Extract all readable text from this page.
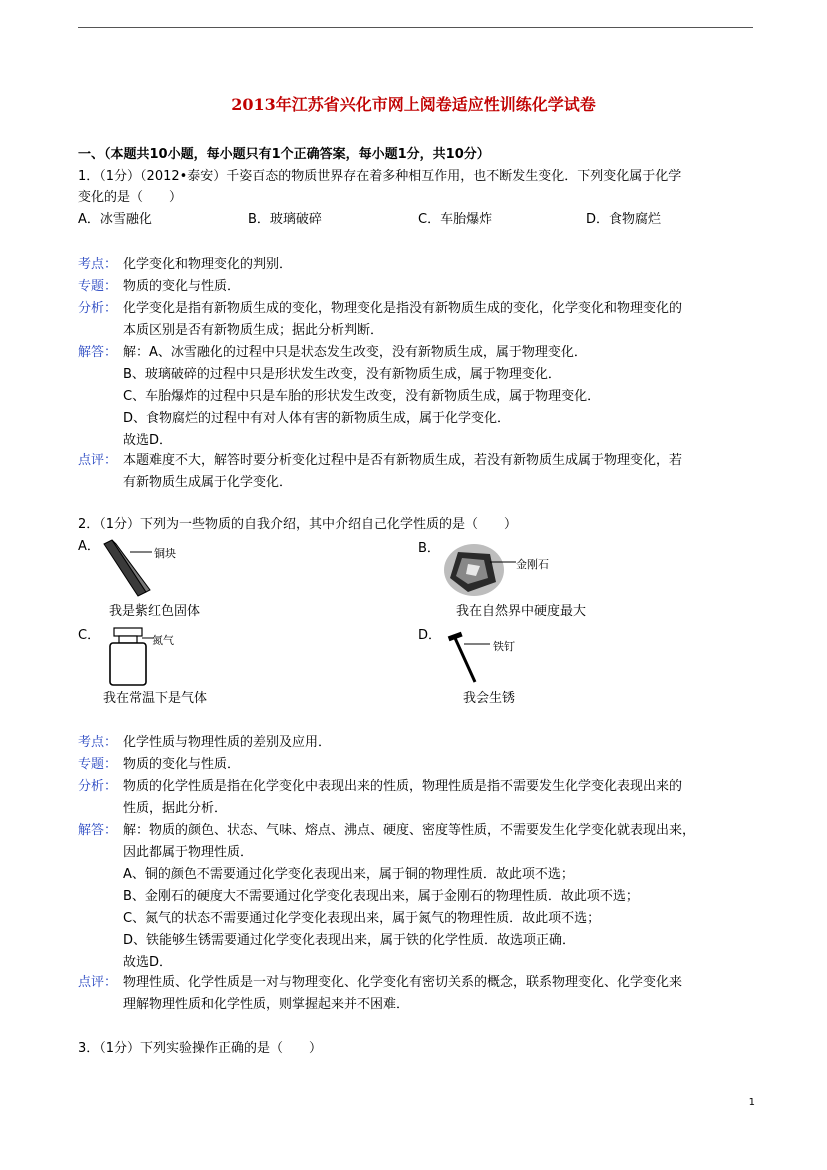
2013年江苏省兴化市网上阅卷适应性训练化学试卷
一、（本题共10小题，每小题只有1个正确答案，每小题1分，共10分）
1．（1分）（2012•泰安）千姿百态的物质世界存在着多种相互作用，也不断发生变化．下列变化属于化学
变化的是（　　）
A．冰雪融化	B．玻璃破碎	C．车胎爆炸	D．食物腐烂
考点： 化学变化和物理变化的判别．
专题： 物质的变化与性质．
分析： 化学变化是指有新物质生成的变化，物理变化是指没有新物质生成的变化，化学变化和物理变化的
本质区别是否有新物质生成；据此分析判断．
解答： 解：A、冰雪融化的过程中只是状态发生改变，没有新物质生成，属于物理变化．
B、玻璃破碎的过程中只是形状发生改变，没有新物质生成，属于物理变化．
C、车胎爆炸的过程中只是车胎的形状发生改变，没有新物质生成，属于物理变化．
D、食物腐烂的过程中有对人体有害的新物质生成，属于化学变化．
故选D．
点评： 本题难度不大，解答时要分析变化过程中是否有新物质生成，若没有新物质生成属于物理变化，若
有新物质生成属于化学变化．
2．（1分）下列为一些物质的自我介绍，其中介绍自己化学性质的是（　　）
A．	铜块
我是紫红色固体
B．
金刚石
我在自然界中硬度最大
C．	氮气
我在常温下是气体
D．
铁钉
我会生锈
考点： 化学性质与物理性质的差别及应用．
专题： 物质的变化与性质．
分析： 物质的化学性质是指在化学变化中表现出来的性质，物理性质是指不需要发生化学变化表现出来的
性质，据此分析．
解答： 解：物质的颜色、状态、气味、熔点、沸点、硬度、密度等性质，不需要发生化学变化就表现出来，
因此都属于物理性质．
A、铜的颜色不需要通过化学变化表现出来，属于铜的物理性质．故此项不选；
B、金刚石的硬度大不需要通过化学变化表现出来，属于金刚石的物理性质．故此项不选；
C、氮气的状态不需要通过化学变化表现出来，属于氮气的物理性质．故此项不选；
D、铁能够生锈需要通过化学变化表现出来，属于铁的化学性质．故选项正确．
故选D．
点评： 物理性质、化学性质是一对与物理变化、化学变化有密切关系的概念，联系物理变化、化学变化来
理解物理性质和化学性质，则掌握起来并不困难．
3．（1分）下列实验操作正确的是（　　）
1
